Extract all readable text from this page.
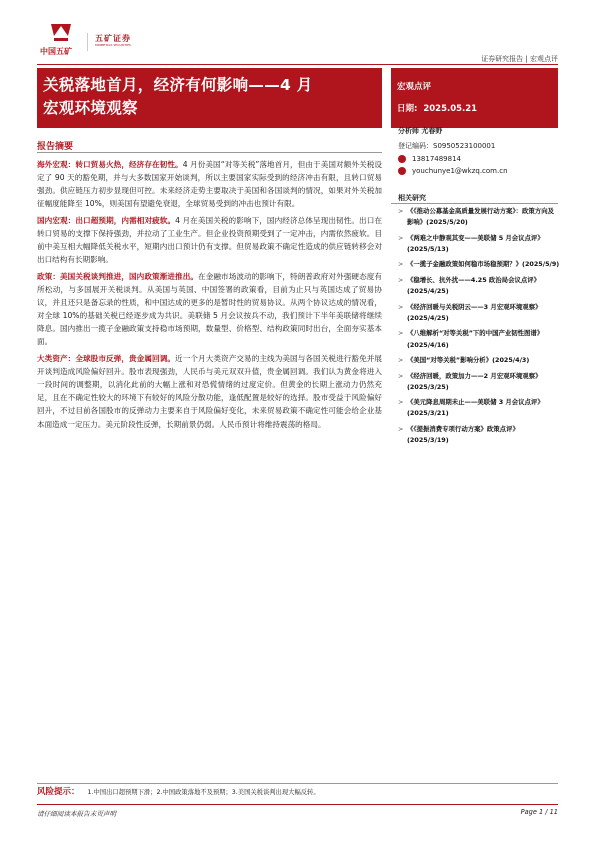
中国五矿
五矿证券
MINMETALS SECURITIES
证券研究报告 | 宏观点评
关税落地首月，经济有何影响——4 月
宏观环境观察
宏观点评
日期: 2025.05.21
报告摘要

海外宏观：转口贸易火热，经济存在韧性。4 月份美国“对等关税”落地首月，但由于美国对额外关税设定了 90 天的豁免期，并与大多数国家开始谈判，所以主要国家实际受到的经济冲击有限，且转口贸易强劲。供应链压力初步显现但可控。未来经济走势主要取决于美国和各国谈判的情况，如果对外关税加征幅度能降至 10%，则美国有望避免衰退，全球贸易受到的冲击也预计有限。

国内宏观：出口超预期，内需相对疲软。4 月在美国关税的影响下，国内经济总体呈现出韧性。出口在转口贸易的支撑下保持强劲，并拉动了工业生产。但企业投资预期受到了一定冲击，内需依然疲软。目前中美互相大幅降低关税水平，短期内出口预计仍有支撑。但贸易政策不确定性造成的供应链转移会对出口结构有长期影响。

政策：美国关税谈判推进，国内政策渐进推出。在金融市场波动的影响下，特朗普政府对外强硬态度有所松动，与多国展开关税谈判。从美国与英国、中国签署的政策看，目前为止只与英国达成了贸易协议，并且还只是备忘录的性质，和中国达成的更多的是暂时性的贸易协议。从两个协议达成的情况看，对全球 10%的基础关税已经逐步成为共识。美联储 5 月会议按兵不动，我们预计下半年美联储将继续降息。国内推出一揽子金融政策支持稳市场预期，数量型、价格型、结构政策同时出台，全面夯实基本面。

大类资产：全球股市反弹，贵金属回调。近一个月大类资产交易的主线为美国与各国关税进行豁免并展开谈判造成风险偏好回升。股市表现强劲，人民币与美元双双升值，贵金属回调。我们认为黄金将进入一段时间的调整期，以消化此前的大幅上涨和对恐慌情绪的过度定价。但黄金的长期上涨动力仍然充足，且在不确定性较大的环境下有较好的风险分散功能，逢低配置是较好的选择。股市受益于风险偏好回升，不过目前各国股市的反弹动力主要来自于风险偏好变化，未来贸易政策不确定性可能会给企业基本面造成一定压力。美元阶段性反弹，长期前景仍弱。人民币预计将维持震荡的格局。

分析师 尤春野
登记编码：S0950523100001
13817489814
youchunye1@wkzq.com.cn
相关研究
> 《《推动公募基金高质量发展行动方案》：政策方向及影响》(2025/5/20)
> 《两难之中静观其变——美联储 5 月会议点评》(2025/5/13)
> 《一揽子金融政策如何稳市场稳预期？》(2025/5/9)
> 《稳增长、抗外扰——4.25 政治局会议点评》(2025/4/25)
> 《经济回暖与关税阴云——3 月宏观环境观察》(2025/4/25)
> 《八维解析“对等关税”下的中国产业韧性图谱》(2025/4/16)
> 《美国“对等关税”影响分析》(2025/4/3)
> 《经济回暖，政策加力——2 月宏观环境观察》(2025/3/25)
> 《美元降息周期未止——美联储 3 月会议点评》(2025/3/21)
> 《《提振消费专项行动方案》政策点评》(2025/3/19)
风险提示： 1.中国出口超预期下滑；2.中国政策落地不及预期；3.美国关税谈判出现大幅反转。
请仔细阅读本报告末页声明	Page 1 / 11
